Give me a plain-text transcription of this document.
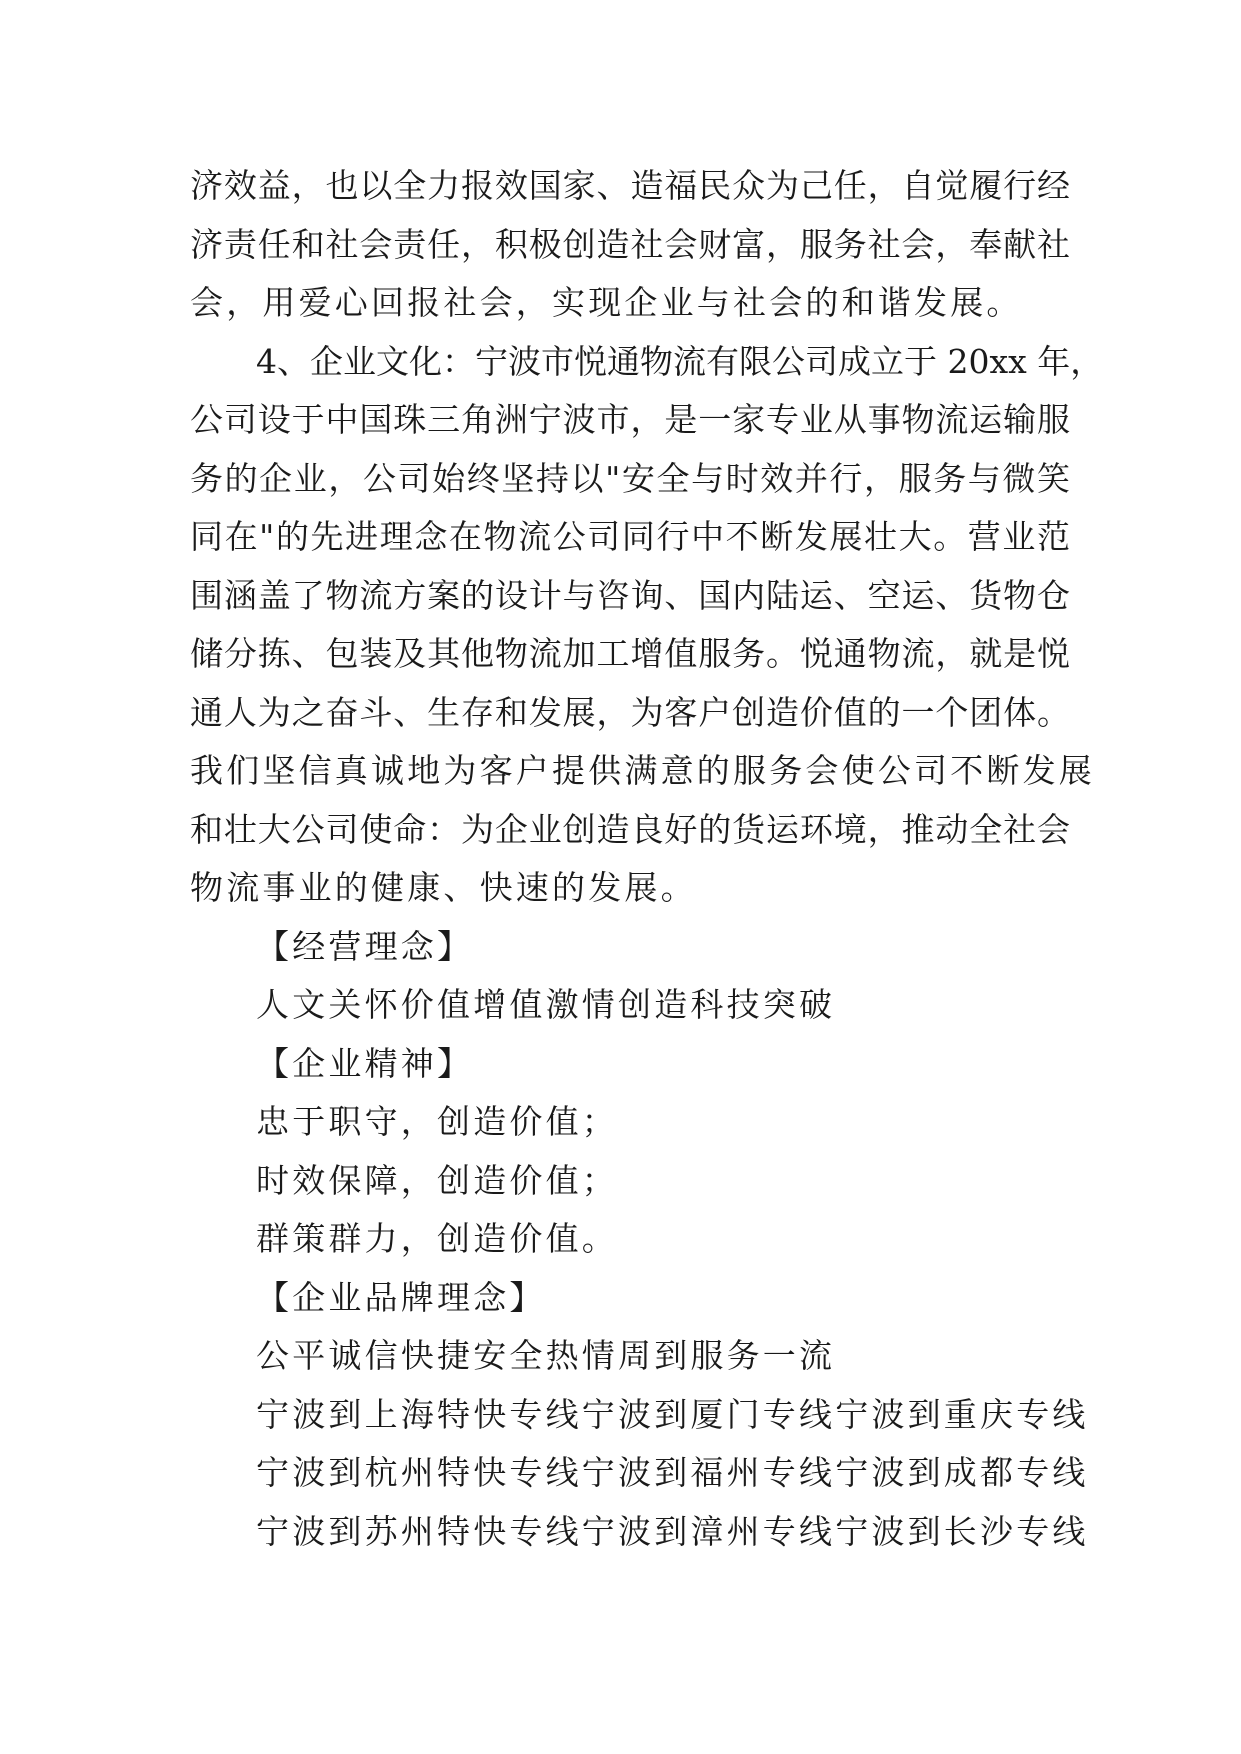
济效益，也以全力报效国家、造福民众为己任，自觉履行经
济责任和社会责任，积极创造社会财富，服务社会，奉献社
会，用爱心回报社会，实现企业与社会的和谐发展。
4、企业文化：宁波市悦通物流有限公司成立于 20xx 年，
公司设于中国珠三角洲宁波市，是一家专业从事物流运输服
务的企业，公司始终坚持以"安全与时效并行，服务与微笑
同在"的先进理念在物流公司同行中不断发展壮大。营业范
围涵盖了物流方案的设计与咨询、国内陆运、空运、货物仓
储分拣、包装及其他物流加工增值服务。悦通物流，就是悦
通人为之奋斗、生存和发展，为客户创造价值的一个团体。
我们坚信真诚地为客户提供满意的服务会使公司不断发展
和壮大公司使命：为企业创造良好的货运环境，推动全社会
物流事业的健康、快速的发展。
【经营理念】
人文关怀价值增值激情创造科技突破
【企业精神】
忠于职守，创造价值；
时效保障，创造价值；
群策群力，创造价值。
【企业品牌理念】
公平诚信快捷安全热情周到服务一流
宁波到上海特快专线宁波到厦门专线宁波到重庆专线
宁波到杭州特快专线宁波到福州专线宁波到成都专线
宁波到苏州特快专线宁波到漳州专线宁波到长沙专线
